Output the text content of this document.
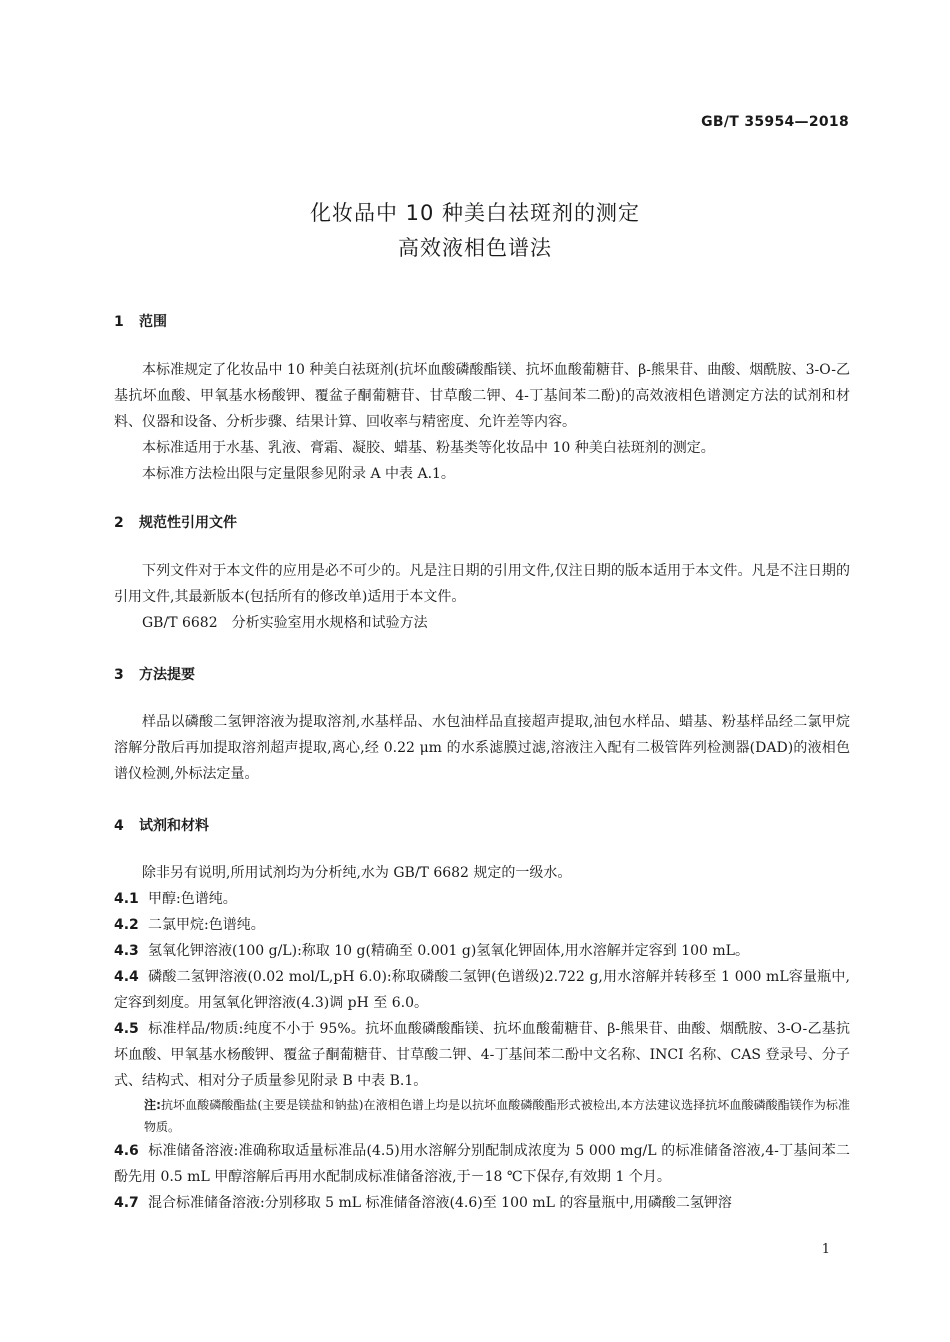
GB/T 35954—2018
化妆品中 10 种美白祛斑剂的测定
高效液相色谱法
1 范围
本标准规定了化妆品中 10 种美白祛斑剂(抗坏血酸磷酸酯镁、抗坏血酸葡糖苷、β-熊果苷、曲酸、烟酰胺、3-O-乙基抗坏血酸、甲氧基水杨酸钾、覆盆子酮葡糖苷、甘草酸二钾、4-丁基间苯二酚)的高效液相色谱测定方法的试剂和材料、仪器和设备、分析步骤、结果计算、回收率与精密度、允许差等内容。
本标准适用于水基、乳液、膏霜、凝胶、蜡基、粉基类等化妆品中 10 种美白祛斑剂的测定。
本标准方法检出限与定量限参见附录 A 中表 A.1。
2 规范性引用文件
下列文件对于本文件的应用是必不可少的。凡是注日期的引用文件,仅注日期的版本适用于本文件。凡是不注日期的引用文件,其最新版本(包括所有的修改单)适用于本文件。
GB/T 6682　分析实验室用水规格和试验方法
3 方法提要
样品以磷酸二氢钾溶液为提取溶剂,水基样品、水包油样品直接超声提取,油包水样品、蜡基、粉基样品经二氯甲烷溶解分散后再加提取溶剂超声提取,离心,经 0.22 μm 的水系滤膜过滤,溶液注入配有二极管阵列检测器(DAD)的液相色谱仪检测,外标法定量。
4 试剂和材料
除非另有说明,所用试剂均为分析纯,水为 GB/T 6682 规定的一级水。
4.1 甲醇:色谱纯。
4.2 二氯甲烷:色谱纯。
4.3 氢氧化钾溶液(100 g/L):称取 10 g(精确至 0.001 g)氢氧化钾固体,用水溶解并定容到 100 mL。
4.4 磷酸二氢钾溶液(0.02 mol/L,pH 6.0):称取磷酸二氢钾(色谱级)2.722 g,用水溶解并转移至 1 000 mL容量瓶中,定容到刻度。用氢氧化钾溶液(4.3)调 pH 至 6.0。
4.5 标准样品/物质:纯度不小于 95%。抗坏血酸磷酸酯镁、抗坏血酸葡糖苷、β-熊果苷、曲酸、烟酰胺、3-O-乙基抗坏血酸、甲氧基水杨酸钾、覆盆子酮葡糖苷、甘草酸二钾、4-丁基间苯二酚中文名称、INCI 名称、CAS 登录号、分子式、结构式、相对分子质量参见附录 B 中表 B.1。
注:抗坏血酸磷酸酯盐(主要是镁盐和钠盐)在液相色谱上均是以抗坏血酸磷酸酯形式被检出,本方法建议选择抗坏血酸磷酸酯镁作为标准物质。
4.6 标准储备溶液:准确称取适量标准品(4.5)用水溶解分别配制成浓度为 5 000 mg/L 的标准储备溶液,4-丁基间苯二酚先用 0.5 mL 甲醇溶解后再用水配制成标准储备溶液,于－18 ℃下保存,有效期 1 个月。
4.7 混合标准储备溶液:分别移取 5 mL 标准储备溶液(4.6)至 100 mL 的容量瓶中,用磷酸二氢钾溶
1
